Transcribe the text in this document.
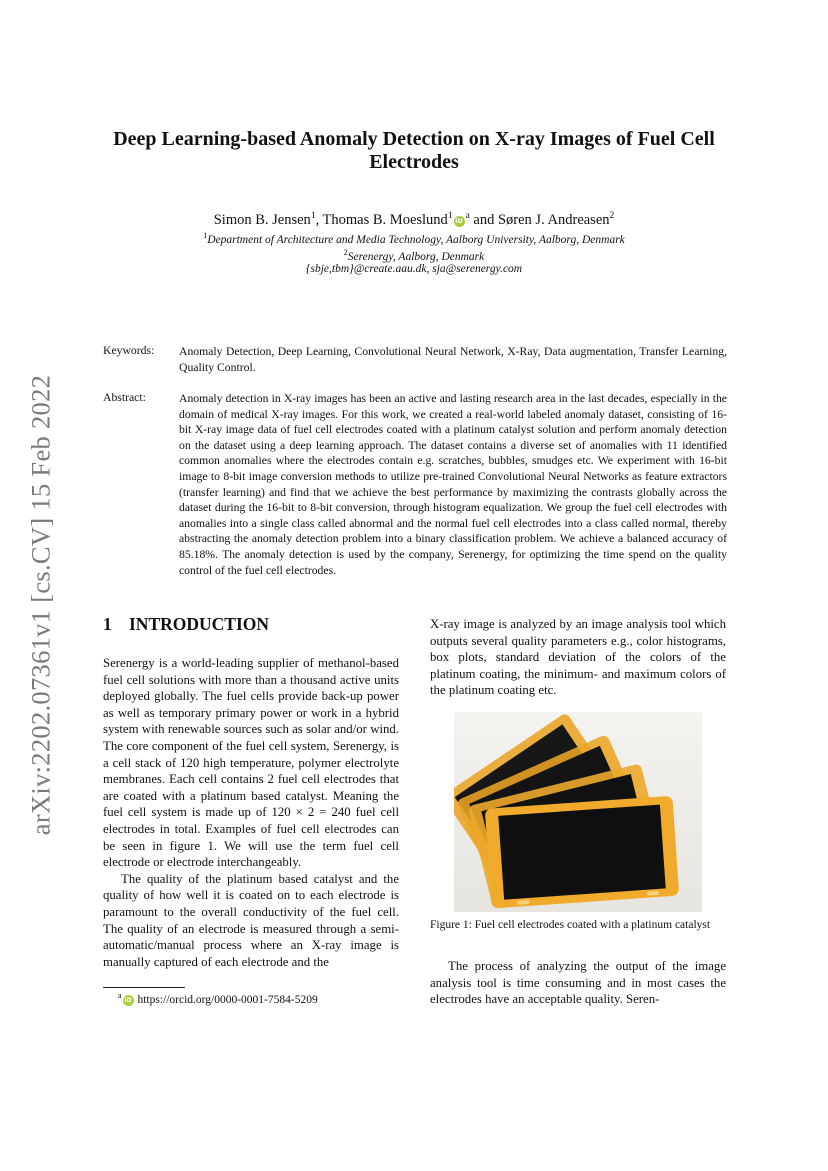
arXiv:2202.07361v1 [cs.CV] 15 Feb 2022
Deep Learning-based Anomaly Detection on X-ray Images of Fuel Cell Electrodes
Simon B. Jensen$^1$, Thomas B. Moeslund$^1$ iD $^a$ and Søren J. Andreasen$^2$
$^1$Department of Architecture and Media Technology, Aalborg University, Aalborg, Denmark
$^2$Serenergy, Aalborg, Denmark
{sbje,tbm}@create.aau.dk, sja@serenergy.com
Keywords: Anomaly Detection, Deep Learning, Convolutional Neural Network, X-Ray, Data augmentation, Transfer Learning, Quality Control.
Abstract:	Anomaly detection in X-ray images has been an active and lasting research area in the last decades, especially in the domain of medical X-ray images. For this work, we created a real-world labeled anomaly dataset, consisting of 16-bit X-ray image data of fuel cell electrodes coated with a platinum catalyst solution and perform anomaly detection on the dataset using a deep learning approach. The dataset contains a diverse set of anomalies with 11 identified common anomalies where the electrodes contain e.g. scratches, bubbles, smudges etc. We experiment with 16-bit image to 8-bit image conversion methods to utilize pre-trained Convolutional Neural Networks as feature extractors (transfer learning) and find that we achieve the best performance by maximizing the contrasts globally across the dataset during the 16-bit to 8-bit conversion, through histogram equalization. We group the fuel cell electrodes with anomalies into a single class called abnormal and the normal fuel cell electrodes into a class called normal, thereby abstracting the anomaly detection problem into a binary classification problem. We achieve a balanced accuracy of 85.18%. The anomaly detection is used by the company, Serenergy, for optimizing the time spend on the quality control of the fuel cell electrodes.
1 INTRODUCTION

Serenergy is a world-leading supplier of methanol-based fuel cell solutions with more than a thousand active units deployed globally. The fuel cells provide back-up power as well as temporary primary power or work in a hybrid system with renewable sources such as solar and/or wind. The core component of the fuel cell system, Serenergy, is a cell stack of 120 high temperature, polymer electrolyte membranes. Each cell contains 2 fuel cell electrodes that are coated with a platinum based catalyst. Meaning the fuel cell system is made up of 120 × 2 = 240 fuel cell electrodes in total. Examples of fuel cell electrodes can be seen in figure 1. We will use the term fuel cell electrode or electrode interchangeably.

The quality of the platinum based catalyst and the quality of how well it is coated on to each electrode is paramount to the overall conductivity of the fuel cell. The quality of an electrode is measured through a semi-automatic/manual process where an X-ray image is manually captured of each electrode and the

X-ray image is analyzed by an image analysis tool which outputs several quality parameters e.g., color histograms, box plots, standard deviation of the colors of the platinum coating, the minimum- and maximum colors of the platinum coating etc.

Figure 1: Fuel cell electrodes coated with a platinum catalyst

The process of analyzing the output of the image analysis tool is time consuming and in most cases the electrodes have an acceptable quality. Seren-

$^a$ iD https://orcid.org/0000-0001-7584-5209
